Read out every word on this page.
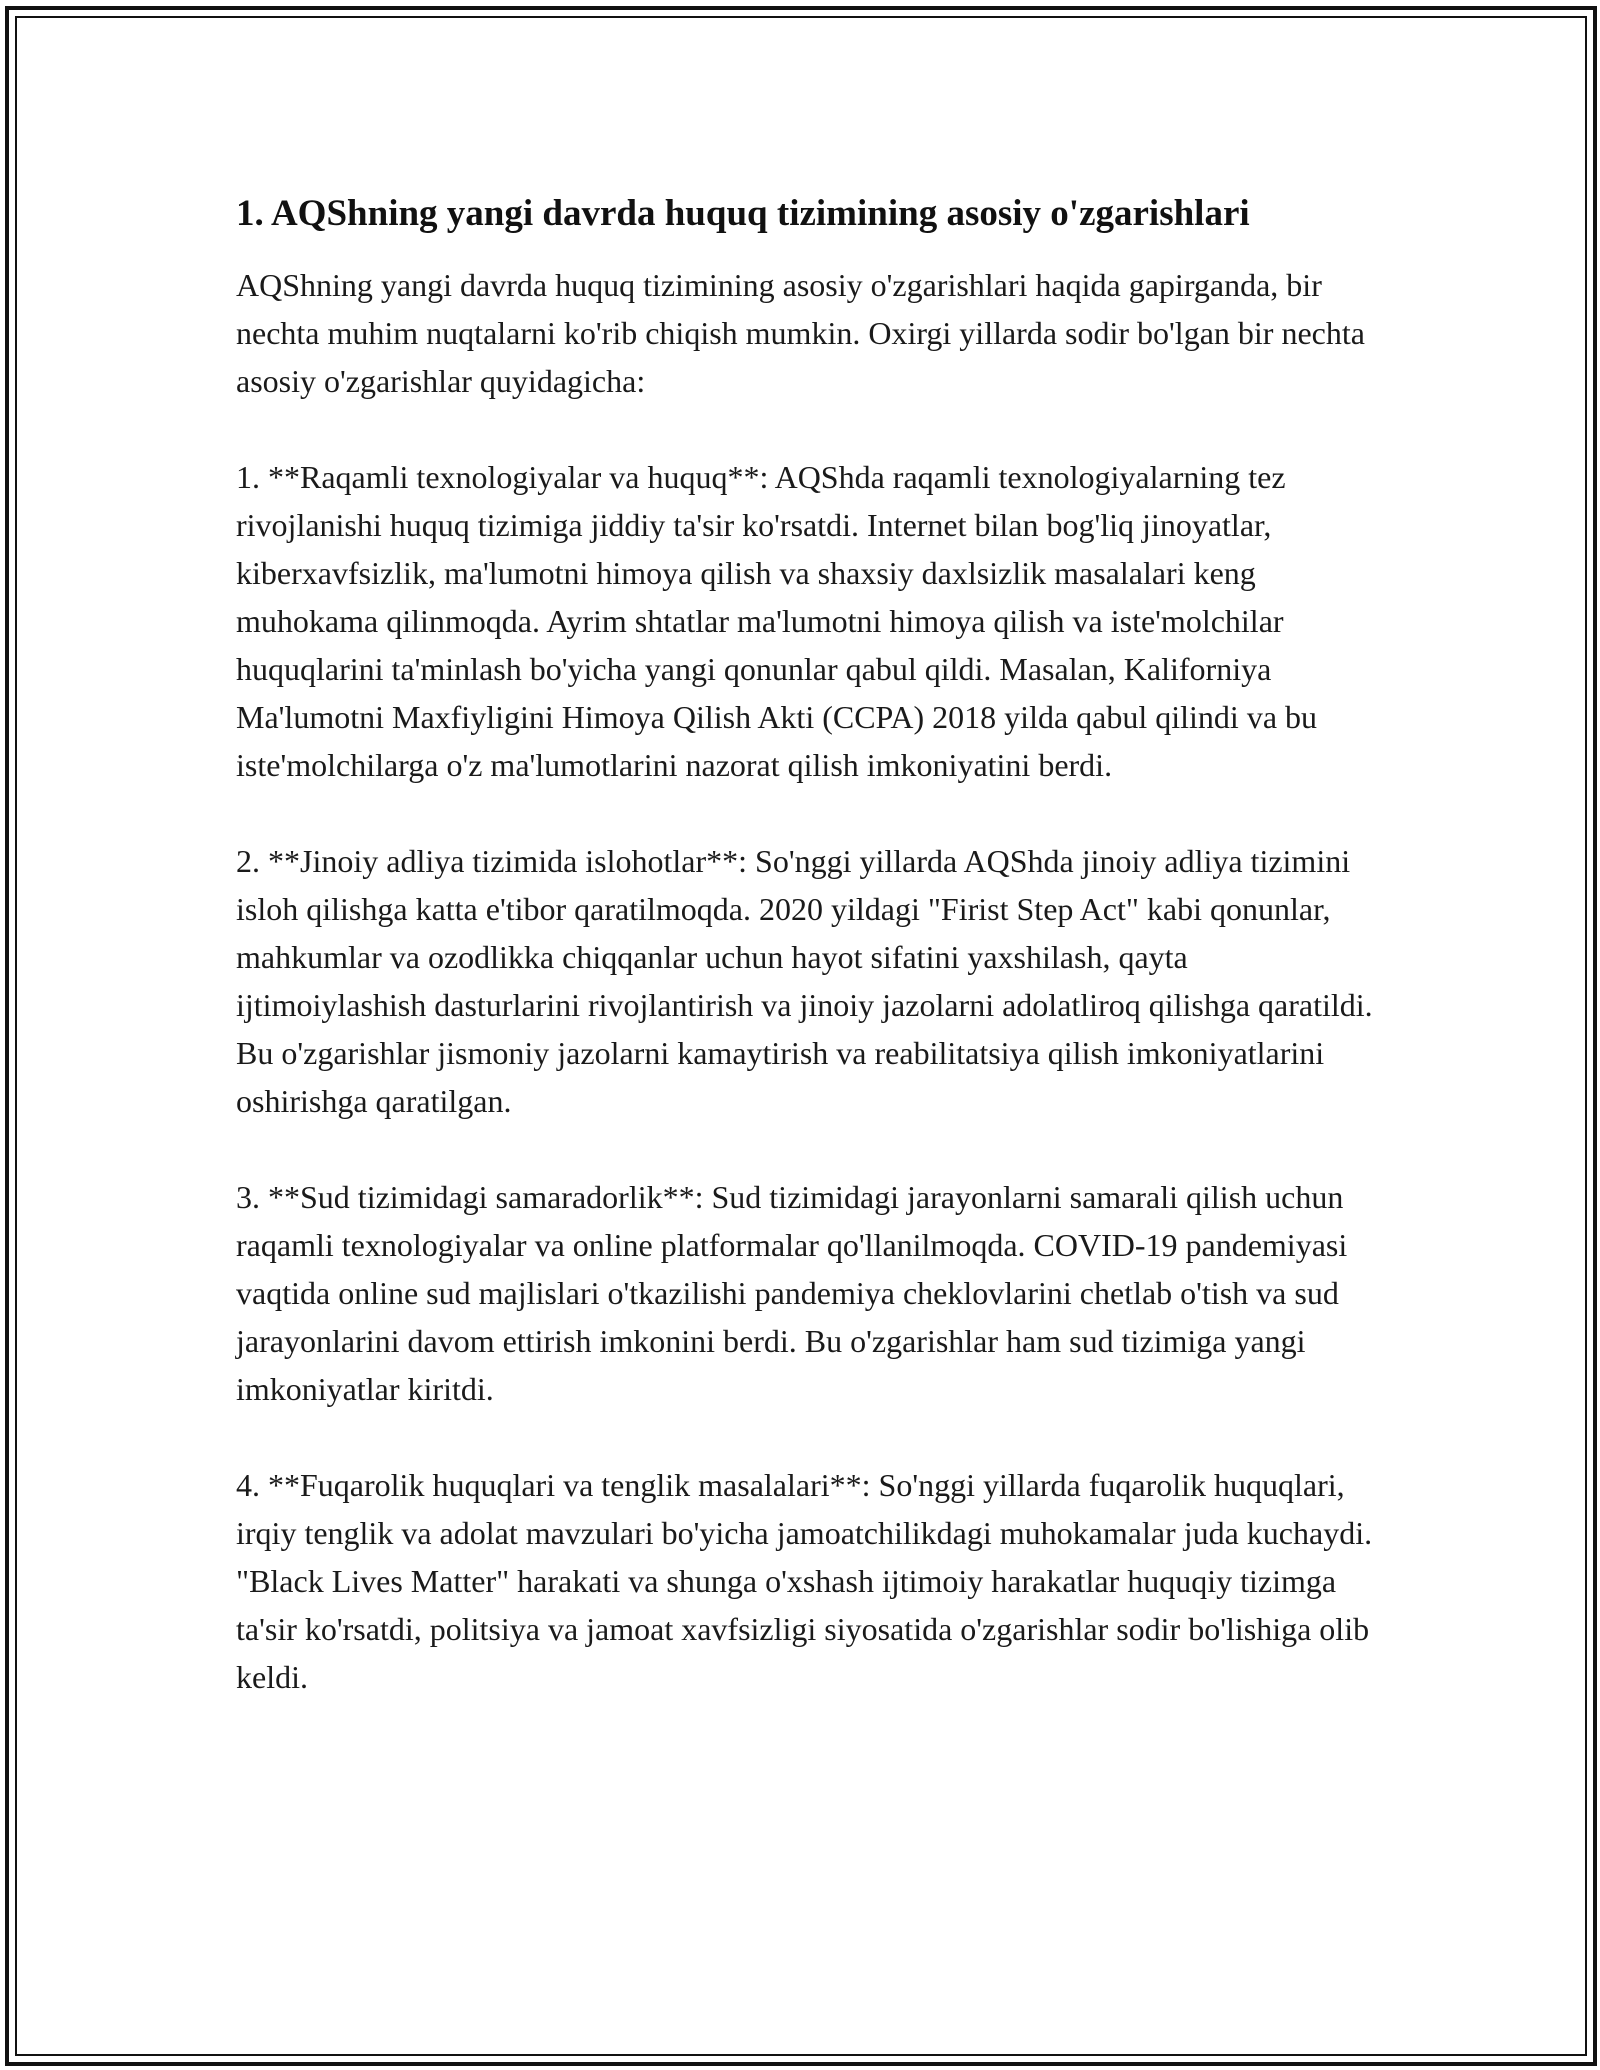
1. AQShning yangi davrda huquq tizimining asosiy o'zgarishlari

AQShning yangi davrda huquq tizimining asosiy o'zgarishlari haqida gapirganda, bir nechta muhim nuqtalarni ko'rib chiqish mumkin. Oxirgi yillarda sodir bo'lgan bir nechta asosiy o'zgarishlar quyidagicha:

1. **Raqamli texnologiyalar va huquq**: AQShda raqamli texnologiyalarning tez rivojlanishi huquq tizimiga jiddiy ta'sir ko'rsatdi. Internet bilan bog'liq jinoyatlar, kiberxavfsizlik, ma'lumotni himoya qilish va shaxsiy daxlsizlik masalalari keng muhokama qilinmoqda. Ayrim shtatlar ma'lumotni himoya qilish va iste'molchilar huquqlarini ta'minlash bo'yicha yangi qonunlar qabul qildi. Masalan, Kaliforniya Ma'lumotni Maxfiyligini Himoya Qilish Akti (CCPA) 2018 yilda qabul qilindi va bu iste'molchilarga o'z ma'lumotlarini nazorat qilish imkoniyatini berdi.

2. **Jinoiy adliya tizimida islohotlar**: So'nggi yillarda AQShda jinoiy adliya tizimini isloh qilishga katta e'tibor qaratilmoqda. 2020 yildagi "Firist Step Act" kabi qonunlar, mahkumlar va ozodlikka chiqqanlar uchun hayot sifatini yaxshilash, qayta ijtimoiylashish dasturlarini rivojlantirish va jinoiy jazolarni adolatliroq qilishga qaratildi. Bu o'zgarishlar jismoniy jazolarni kamaytirish va reabilitatsiya qilish imkoniyatlarini oshirishga qaratilgan.

3. **Sud tizimidagi samaradorlik**: Sud tizimidagi jarayonlarni samarali qilish uchun raqamli texnologiyalar va online platformalar qo'llanilmoqda. COVID-19 pandemiyasi vaqtida online sud majlislari o'tkazilishi pandemiya cheklovlarini chetlab o'tish va sud jarayonlarini davom ettirish imkonini berdi. Bu o'zgarishlar ham sud tizimiga yangi imkoniyatlar kiritdi.

4. **Fuqarolik huquqlari va tenglik masalalari**: So'nggi yillarda fuqarolik huquqlari, irqiy tenglik va adolat mavzulari bo'yicha jamoatchilikdagi muhokamalar juda kuchaydi. "Black Lives Matter" harakati va shunga o'xshash ijtimoiy harakatlar huquqiy tizimga ta'sir ko'rsatdi, politsiya va jamoat xavfsizligi siyosatida o'zgarishlar sodir bo'lishiga olib keldi.
